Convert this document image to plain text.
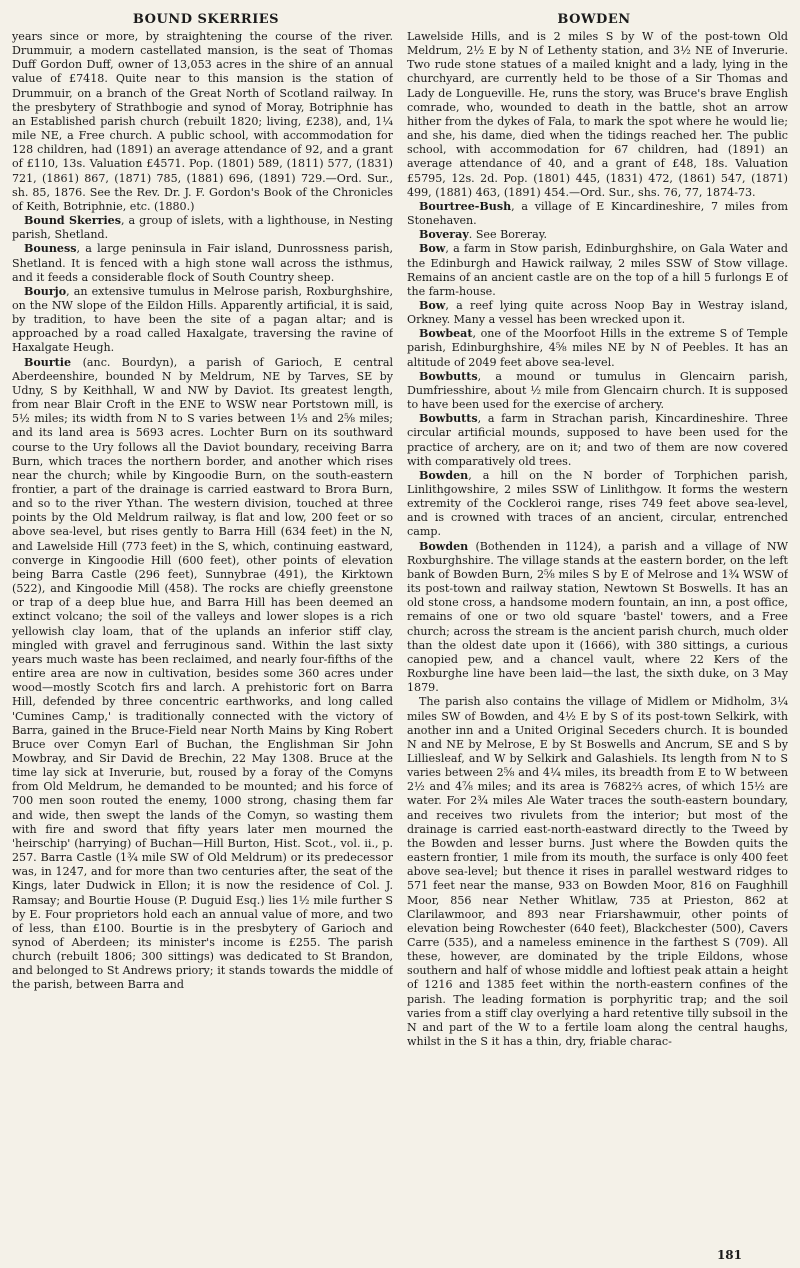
BOUND SKERRIES	BOWDEN

years since or more, by straightening the course of the river. Drummuir, a modern castellated mansion, is the seat of Thomas Duff Gordon Duff, owner of 13,053 acres in the shire of an annual value of £7418. Quite near to this mansion is the station of Drummuir, on a branch of the Great North of Scotland railway. In the presbytery of Strathbogie and synod of Moray, Botriphnie has an Established parish church (rebuilt 1820; living, £238), and, 1¼ mile NE, a Free church. A public school, with accommodation for 128 children, had (1891) an average attendance of 92, and a grant of £110, 13s. Valuation £4571. Pop. (1801) 589, (1811) 577, (1831) 721, (1861) 867, (1871) 785, (1881) 696, (1891) 729.—Ord. Sur., sh. 85, 1876. See the Rev. Dr. J. F. Gordon's Book of the Chronicles of Keith, Botriphnie, etc. (1880.)

Bound Skerries, a group of islets, with a lighthouse, in Nesting parish, Shetland.

Bouness, a large peninsula in Fair island, Dunrossness parish, Shetland. It is fenced with a high stone wall across the isthmus, and it feeds a considerable flock of South Country sheep.

Bourjo, an extensive tumulus in Melrose parish, Roxburghshire, on the NW slope of the Eildon Hills. Apparently artificial, it is said, by tradition, to have been the site of a pagan altar; and is approached by a road called Haxalgate, traversing the ravine of Haxalgate Heugh.

Bourtie (anc. Bourdyn), a parish of Garioch, E central Aberdeenshire, bounded N by Meldrum, NE by Tarves, SE by Udny, S by Keithhall, W and NW by Daviot. Its greatest length, from near Blair Croft in the ENE to WSW near Portstown mill, is 5½ miles; its width from N to S varies between 1⅓ and 2⅝ miles; and its land area is 5693 acres. Lochter Burn on its southward course to the Ury follows all the Daviot boundary, receiving Barra Burn, which traces the northern border, and another which rises near the church; while by Kingoodie Burn, on the south-eastern frontier, a part of the drainage is carried eastward to Brora Burn, and so to the river Ythan. The western division, touched at three points by the Old Meldrum railway, is flat and low, 200 feet or so above sea-level, but rises gently to Barra Hill (634 feet) in the N, and Lawelside Hill (773 feet) in the S, which, continuing eastward, converge in Kingoodie Hill (600 feet), other points of elevation being Barra Castle (296 feet), Sunnybrae (491), the Kirktown (522), and Kingoodie Mill (458). The rocks are chiefly greenstone or trap of a deep blue hue, and Barra Hill has been deemed an extinct volcano; the soil of the valleys and lower slopes is a rich yellowish clay loam, that of the uplands an inferior stiff clay, mingled with gravel and ferruginous sand. Within the last sixty years much waste has been reclaimed, and nearly four-fifths of the entire area are now in cultivation, besides some 360 acres under wood—mostly Scotch firs and larch. A prehistoric fort on Barra Hill, defended by three concentric earthworks, and long called 'Cumines Camp,' is traditionally connected with the victory of Barra, gained in the Bruce-Field near North Mains by King Robert Bruce over Comyn Earl of Buchan, the Englishman Sir John Mowbray, and Sir David de Brechin, 22 May 1308. Bruce at the time lay sick at Inverurie, but, roused by a foray of the Comyns from Old Meldrum, he demanded to be mounted; and his force of 700 men soon routed the enemy, 1000 strong, chasing them far and wide, then swept the lands of the Comyn, so wasting them with fire and sword that fifty years later men mourned the 'heirschip' (harrying) of Buchan—Hill Burton, Hist. Scot., vol. ii., p. 257. Barra Castle (1¾ mile SW of Old Meldrum) or its predecessor was, in 1247, and for more than two centuries after, the seat of the Kings, later Dudwick in Ellon; it is now the residence of Col. J. Ramsay; and Bourtie House (P. Duguid Esq.) lies 1½ mile further S by E. Four proprietors hold each an annual value of more, and two of less, than £100. Bourtie is in the presbytery of Garioch and synod of Aberdeen; its minister's income is £255. The parish church (rebuilt 1806; 300 sittings) was dedicated to St Brandon, and belonged to St Andrews priory; it stands towards the middle of the parish, between Barra and

Lawelside Hills, and is 2 miles S by W of the post-town Old Meldrum, 2½ E by N of Lethenty station, and 3½ NE of Inverurie. Two rude stone statues of a mailed knight and a lady, lying in the churchyard, are currently held to be those of a Sir Thomas and Lady de Longueville. He, runs the story, was Bruce's brave English comrade, who, wounded to death in the battle, shot an arrow hither from the dykes of Fala, to mark the spot where he would lie; and she, his dame, died when the tidings reached her. The public school, with accommodation for 67 children, had (1891) an average attendance of 40, and a grant of £48, 18s. Valuation £5795, 12s. 2d. Pop. (1801) 445, (1831) 472, (1861) 547, (1871) 499, (1881) 463, (1891) 454.—Ord. Sur., shs. 76, 77, 1874-73.

Bourtree-Bush, a village of E Kincardineshire, 7 miles from Stonehaven.

Boveray. See Boreray.

Bow, a farm in Stow parish, Edinburghshire, on Gala Water and the Edinburgh and Hawick railway, 2 miles SSW of Stow village. Remains of an ancient castle are on the top of a hill 5 furlongs E of the farm-house.

Bow, a reef lying quite across Noop Bay in Westray island, Orkney. Many a vessel has been wrecked upon it.

Bowbeat, one of the Moorfoot Hills in the extreme S of Temple parish, Edinburghshire, 4⅝ miles NE by N of Peebles. It has an altitude of 2049 feet above sea-level.

Bowbutts, a mound or tumulus in Glencairn parish, Dumfriesshire, about ½ mile from Glencairn church. It is supposed to have been used for the exercise of archery.

Bowbutts, a farm in Strachan parish, Kincardineshire. Three circular artificial mounds, supposed to have been used for the practice of archery, are on it; and two of them are now covered with comparatively old trees.

Bowden, a hill on the N border of Torphichen parish, Linlithgowshire, 2 miles SSW of Linlithgow. It forms the western extremity of the Cockleroi range, rises 749 feet above sea-level, and is crowned with traces of an ancient, circular, entrenched camp.

Bowden (Bothenden in 1124), a parish and a village of NW Roxburghshire. The village stands at the eastern border, on the left bank of Bowden Burn, 2⅝ miles S by E of Melrose and 1¾ WSW of its post-town and railway station, Newtown St Boswells. It has an old stone cross, a handsome modern fountain, an inn, a post office, remains of one or two old square 'bastel' towers, and a Free church; across the stream is the ancient parish church, much older than the oldest date upon it (1666), with 380 sittings, a curious canopied pew, and a chancel vault, where 22 Kers of the Roxburghe line have been laid—the last, the sixth duke, on 3 May 1879.

The parish also contains the village of Midlem or Midholm, 3¼ miles SW of Bowden, and 4½ E by S of its post-town Selkirk, with another inn and a United Original Seceders church. It is bounded N and NE by Melrose, E by St Boswells and Ancrum, SE and S by Lilliesleaf, and W by Selkirk and Galashiels. Its length from N to S varies between 2⅝ and 4¼ miles, its breadth from E to W between 2½ and 4⅞ miles; and its area is 7682⅔ acres, of which 15½ are water. For 2¾ miles Ale Water traces the south-eastern boundary, and receives two rivulets from the interior; but most of the drainage is carried east-north-eastward directly to the Tweed by the Bowden and lesser burns. Just where the Bowden quits the eastern frontier, 1 mile from its mouth, the surface is only 400 feet above sea-level; but thence it rises in parallel westward ridges to 571 feet near the manse, 933 on Bowden Moor, 816 on Faughhill Moor, 856 near Nether Whitlaw, 735 at Prieston, 862 at Clarilawmoor, and 893 near Friarshawmuir, other points of elevation being Rowchester (640 feet), Blackchester (500), Cavers Carre (535), and a nameless eminence in the farthest S (709). All these, however, are dominated by the triple Eildons, whose southern and half of whose middle and loftiest peak attain a height of 1216 and 1385 feet within the north-eastern confines of the parish. The leading formation is porphyritic trap; and the soil varies from a stiff clay overlying a hard retentive tilly subsoil in the N and part of the W to a fertile loam along the central haughs, whilst in the S it has a thin, dry, friable charac-

181
